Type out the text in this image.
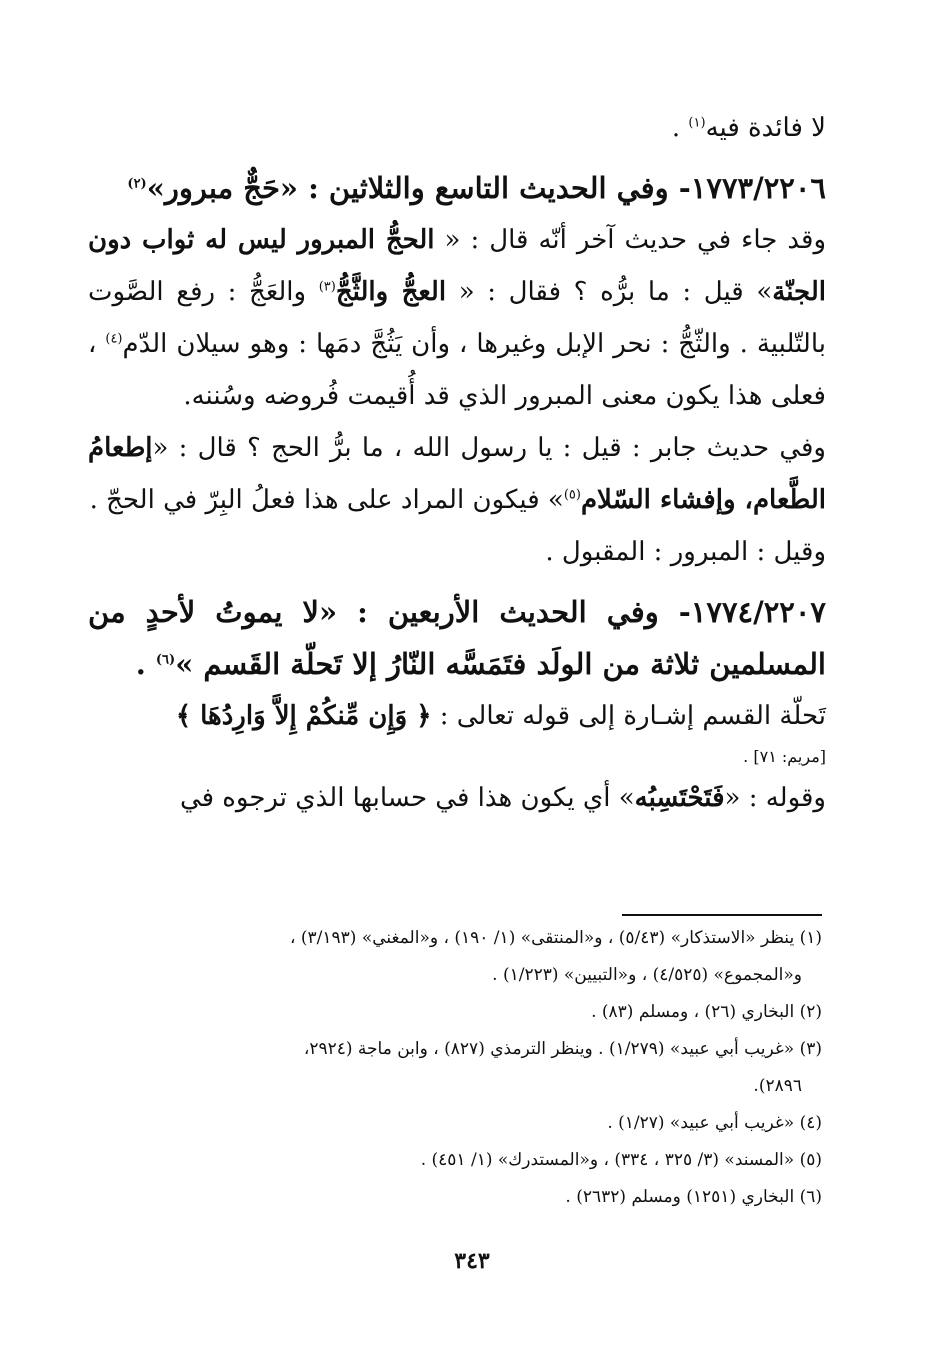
لا فائدة فيه$^{(١)}$ .

١٧٧٣/٢٢٠٦- وفي الحديث التاسع والثلاثين : «حَجٌّ مبرور»$^{(٢)}$

وقد جاء في حديث آخر أنّه قال : « الحجُّ المبرور ليس له ثواب دون الجنّة» قيل : ما برُّه ؟ فقال : « العجُّ والثَّجُّ$^{(٣)}$ والعَجُّ : رفع الصَّوت بالتّلبية . والثّجُّ : نحر الإبل وغيرها ، وأن يَثُجَّ دمَها : وهو سيلان الدّم$^{(٤)}$ ، فعلى هذا يكون معنى المبرور الذي قد أُقيمت فُروضه وسُننه.

وفي حديث جابر : قيل : يا رسول الله ، ما برُّ الحج ؟ قال : «إطعامُ الطَّعام، وإفشاء السّلام$^{(٥)}$» فيكون المراد على هذا فعلُ البِرّ في الحجّ .

وقيل : المبرور : المقبول .

١٧٧٤/٢٢٠٧- وفي الحديث الأربعين : «لا يموتُ لأحدٍ من المسلمين ثلاثة من الولَد فتَمَسَّه النّارُ إلا تَحلّة القَسم »$^{(٦)}$ .

تَحلّة القسم إشـارة إلى قوله تعالى : ﴿ وَإِن مِّنكُمْ إِلاَّ وَارِدُهَا ﴾

[مريم: ٧١] .

وقوله : «فَتَحْتَسِبُه» أي يكون هذا في حسابها الذي ترجوه في

(١) ينظر «الاستذكار» (٥/٤٣) ، و«المنتقى» (١/ ١٩٠) ، و«المغني» (٣/١٩٣) ،

و«المجموع» (٤/٥٢٥) ، و«التبيين» (١/٢٢٣) .

(٢) البخاري (٢٦) ، ومسلم (٨٣) .

(٣) «غريب أبي عبيد» (١/٢٧٩) . وينظر الترمذي (٨٢٧) ، وابن ماجة (٢٩٢٤،

٢٨٩٦).

(٤) «غريب أبي عبيد» (١/٢٧) .

(٥) «المسند» (٣/ ٣٢٥ ، ٣٣٤) ، و«المستدرك» (١/ ٤٥١) .

(٦) البخاري (١٢٥١) ومسلم (٢٦٣٢) .

٣٤٣
